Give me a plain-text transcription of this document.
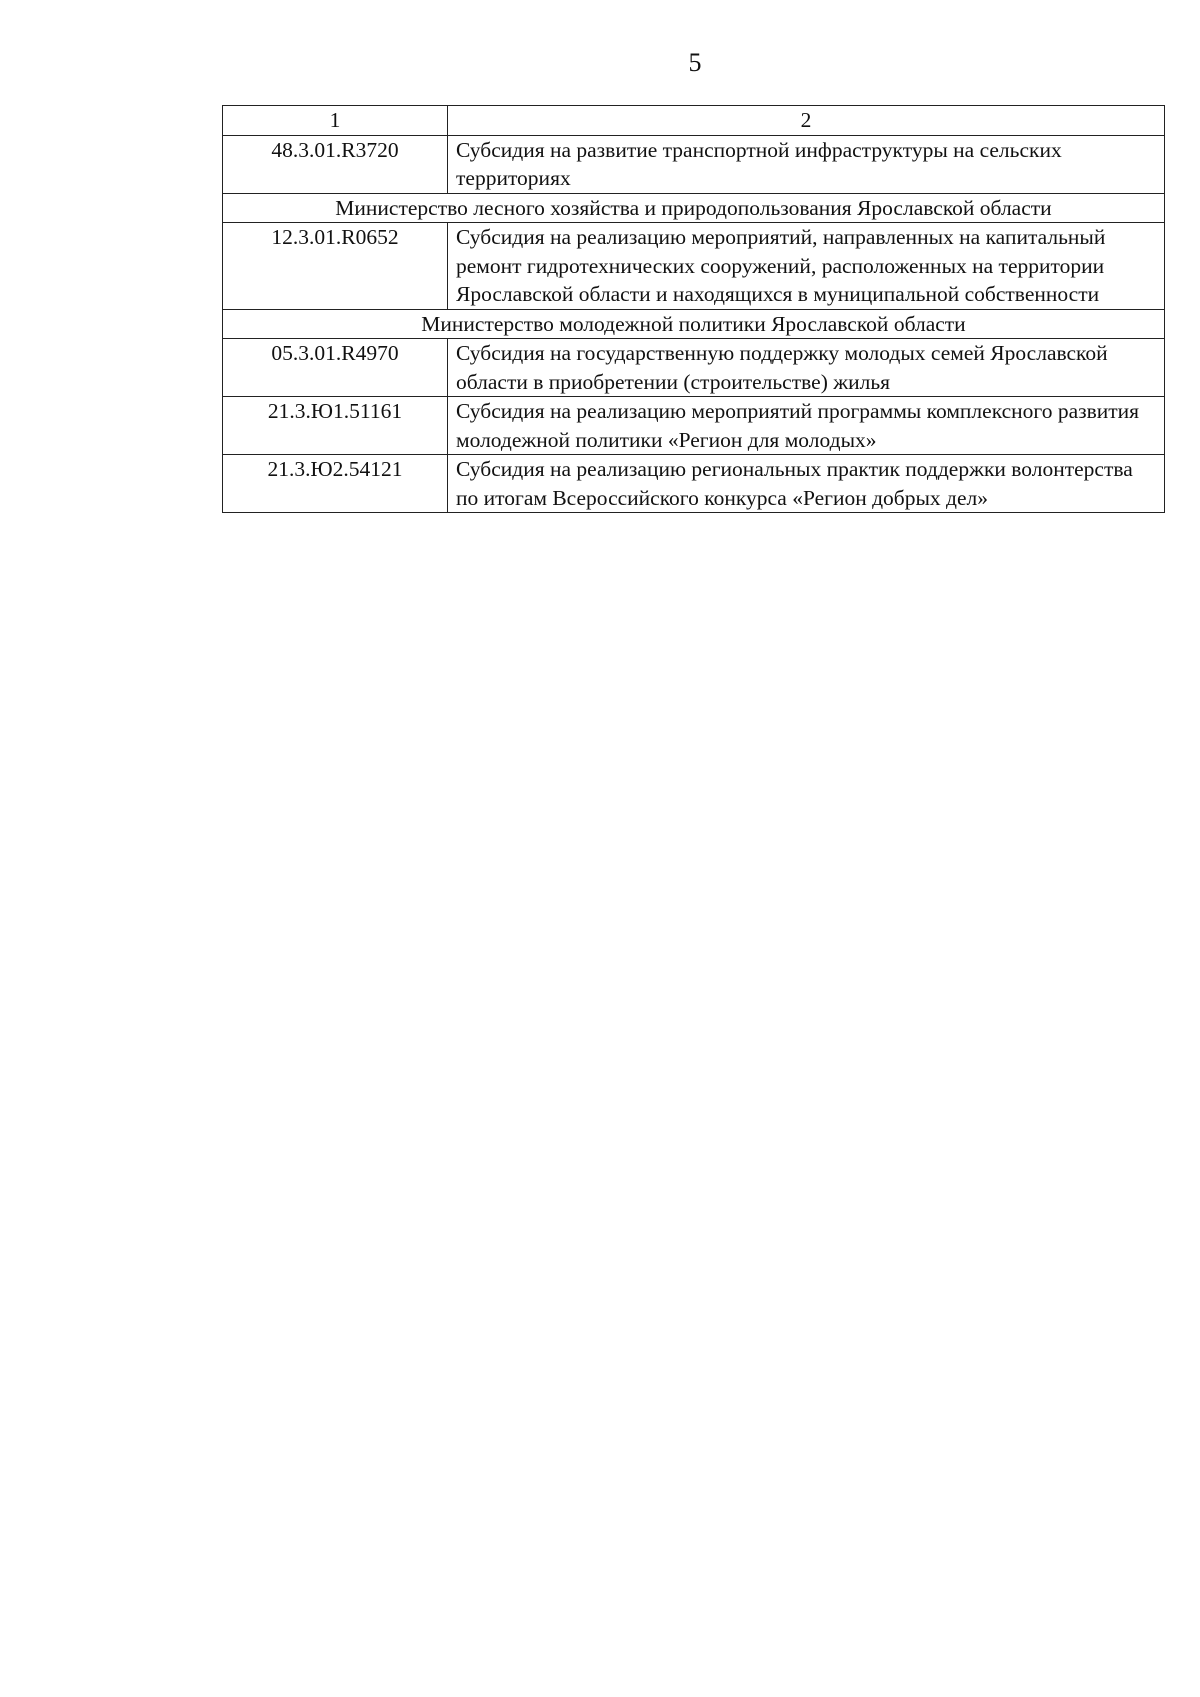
5
1	2
48.3.01.R3720	Субсидия на развитие транспортной инфраструктуры на сельских территориях
Министерство лесного хозяйства и природопользования Ярославской области	
12.3.01.R0652	Субсидия на реализацию мероприятий, направленных на капитальный ремонт гидротехнических сооружений, расположенных на территории Ярославской области и находящихся в муниципальной собственности
Министерство молодежной политики Ярославской области	
05.3.01.R4970	Субсидия на государственную поддержку молодых семей Ярославской области в приобретении (строительстве) жилья
21.3.Ю1.51161	Субсидия на реализацию мероприятий программы комплексного развития молодежной политики «Регион для молодых»
21.3.Ю2.54121	Субсидия на реализацию региональных практик поддержки волонтерства по итогам Всероссийского конкурса «Регион добрых дел»
